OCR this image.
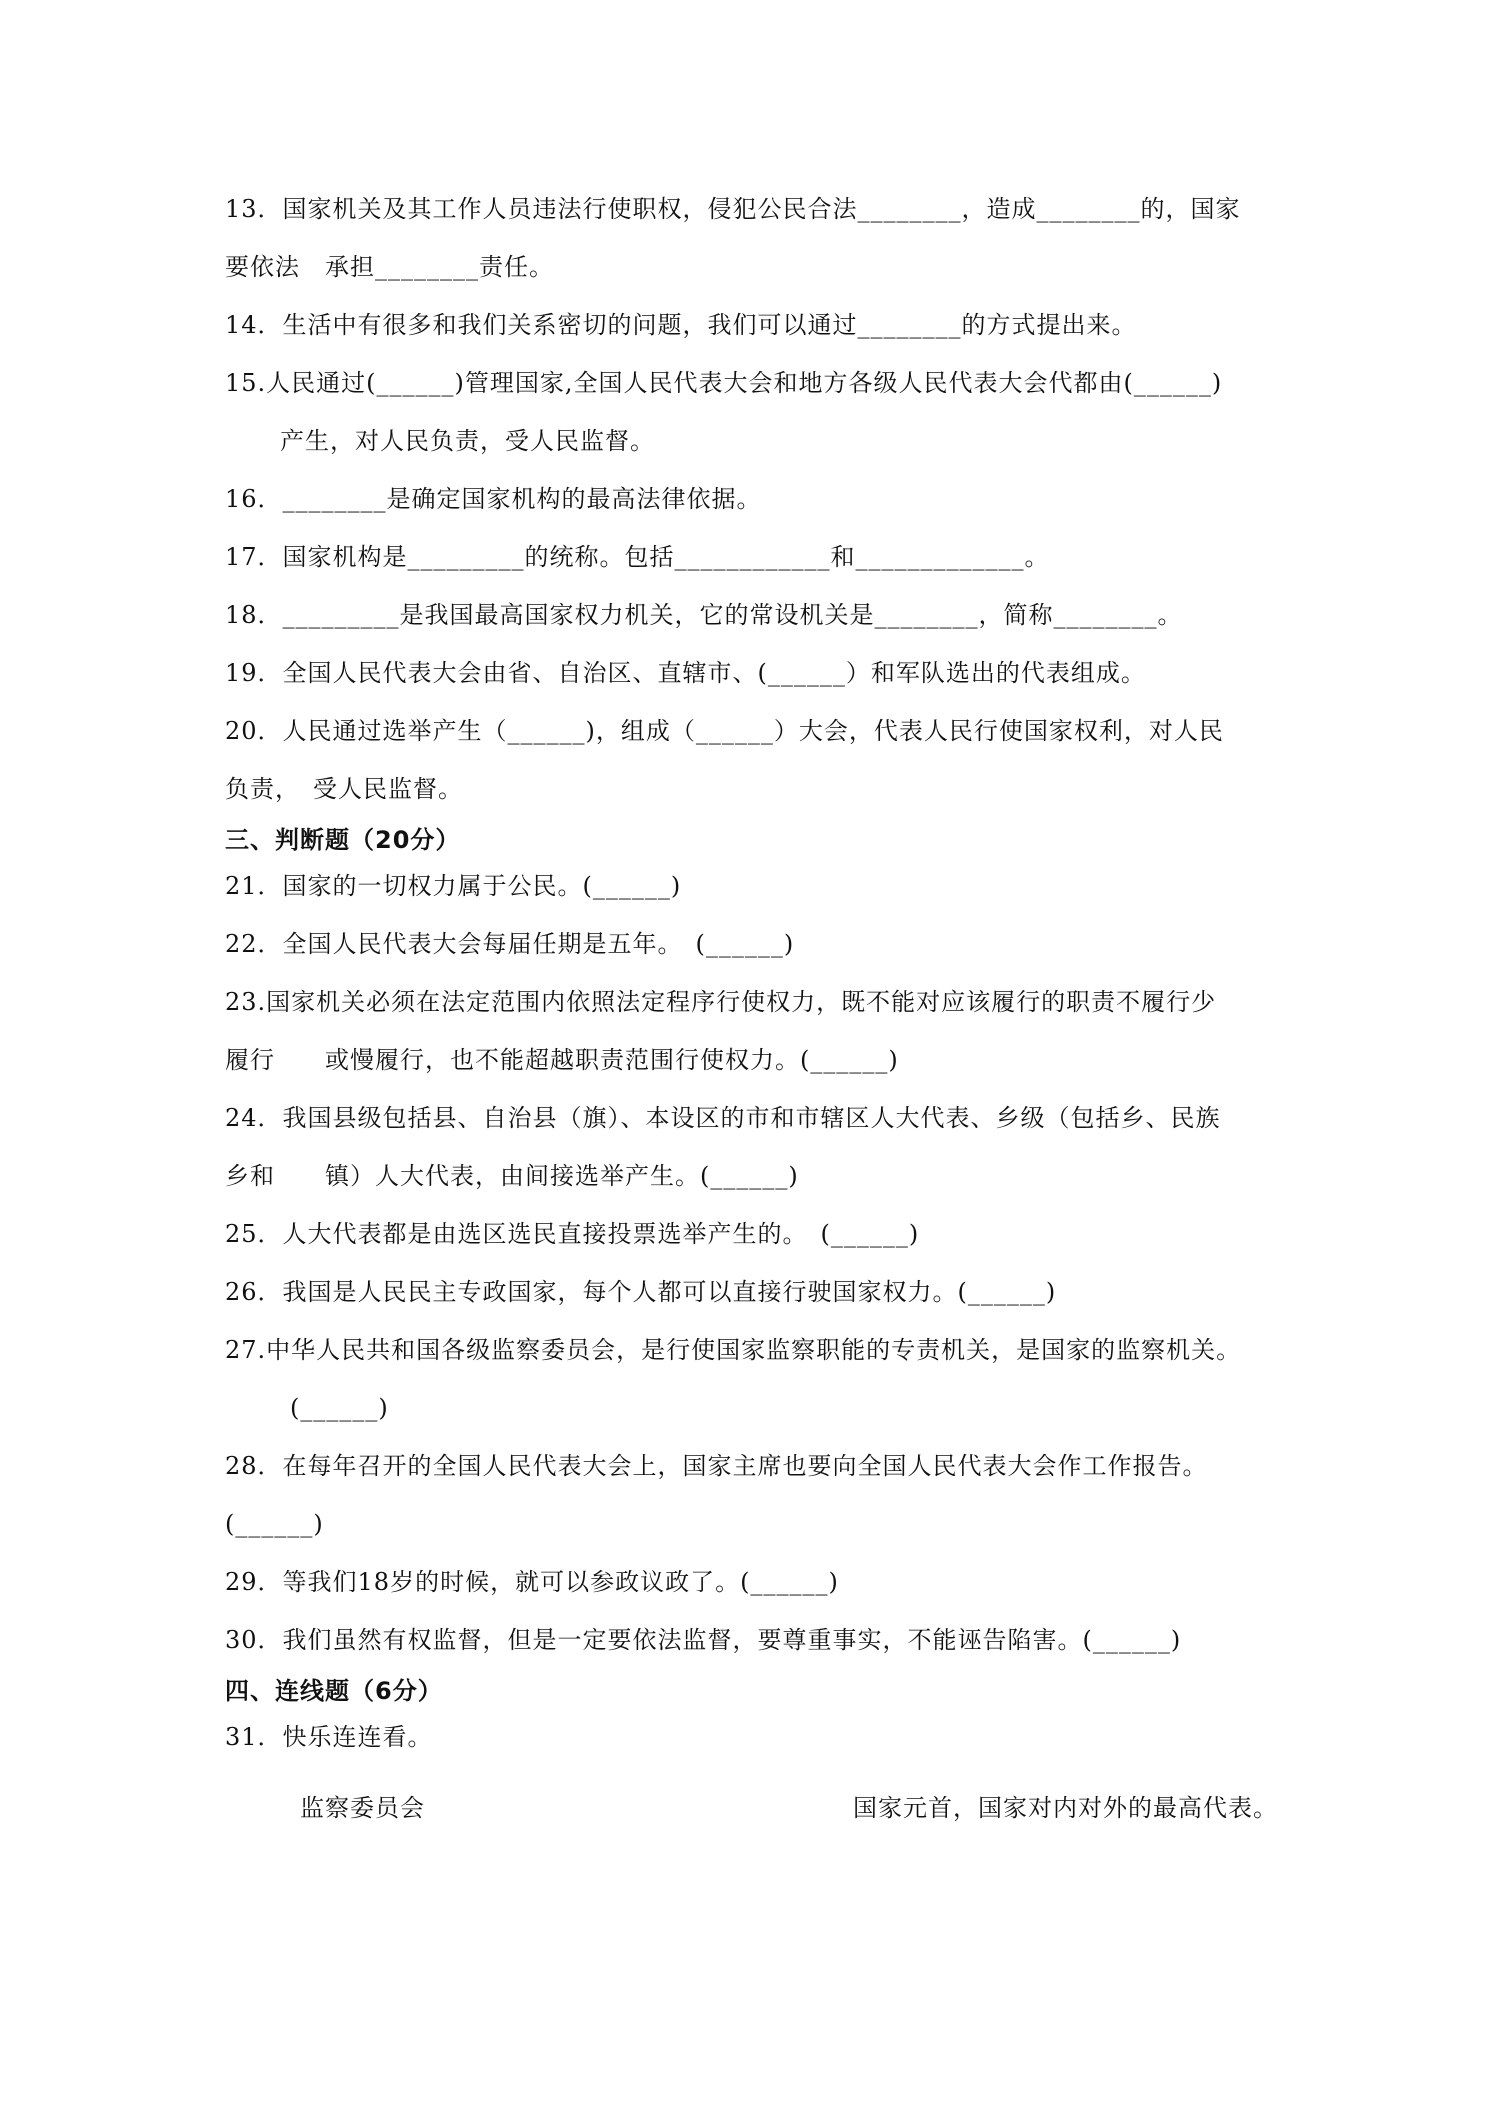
13．国家机关及其工作人员违法行使职权，侵犯公民合法________，造成________的，国家
要依法　承担________责任。
14．生活中有很多和我们关系密切的问题，我们可以通过________的方式提出来。
15.人民通过(______)管理国家,全国人民代表大会和地方各级人民代表大会代都由(______)
产生，对人民负责，受人民监督。
16．________是确定国家机构的最高法律依据。
17．国家机构是_________的统称。包括____________和_____________。
18．_________是我国最高国家权力机关，它的常设机关是________，简称________。
19．全国人民代表大会由省、自治区、直辖市、(______）和军队选出的代表组成。
20．人民通过选举产生（______)，组成（______）大会，代表人民行使国家权利，对人民
负责，　受人民监督。
三、判断题（20分）
21．国家的一切权力属于公民。(______)
22．全国人民代表大会每届任期是五年。　(______)
23.国家机关必须在法定范围内依照法定程序行使权力，既不能对应该履行的职责不履行少
履行　　或慢履行，也不能超越职责范围行使权力。(______)
24．我国县级包括县、自治县（旗）、本设区的市和市辖区人大代表、乡级（包括乡、民族
乡和　　镇）人大代表，由间接选举产生。(______)
25．人大代表都是由选区选民直接投票选举产生的。　(______)
26．我国是人民民主专政国家，每个人都可以直接行驶国家权力。(______)
27.中华人民共和国各级监察委员会，是行使国家监察职能的专责机关，是国家的监察机关。
(______)
28．在每年召开的全国人民代表大会上，国家主席也要向全国人民代表大会作工作报告。
(______)
29．等我们18岁的时候，就可以参政议政了。(______)
30．我们虽然有权监督，但是一定要依法监督，要尊重事实，不能诬告陷害。(______)
四、连线题（6分）
31．快乐连连看。
监察委员会	国家元首，国家对内对外的最高代表。
